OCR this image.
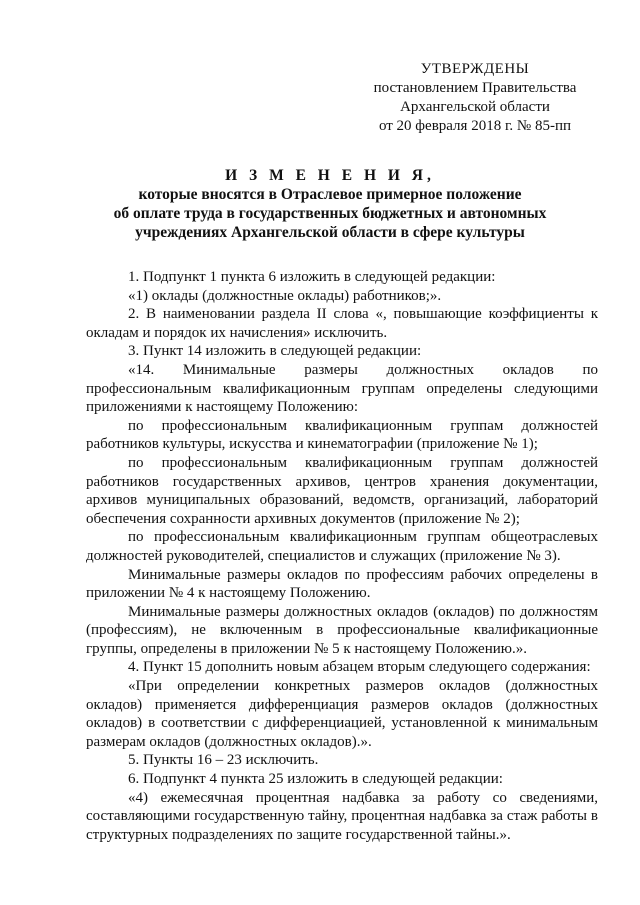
УТВЕРЖДЕНЫ
постановлением Правительства
Архангельской области
от 20 февраля 2018 г. № 85-пп
И З М Е Н Е Н И Я,
которые вносятся в Отраслевое примерное положение
об оплате труда в государственных бюджетных и автономных
учреждениях Архангельской области в сфере культуры

1. Подпункт 1 пункта 6 изложить в следующей редакции:

«1) оклады (должностные оклады) работников;».

2. В наименовании раздела II слова «, повышающие коэффициенты к окладам и порядок их начисления» исключить.

3. Пункт 14 изложить в следующей редакции:

«14. Минимальные размеры должностных окладов по профессиональным квалификационным группам определены следующими приложениями к настоящему Положению:

по профессиональным квалификационным группам должностей работников культуры, искусства и кинематографии (приложение № 1);

по профессиональным квалификационным группам должностей работников государственных архивов, центров хранения документации, архивов муниципальных образований, ведомств, организаций, лабораторий обеспечения сохранности архивных документов (приложение № 2);

по профессиональным квалификационным группам общеотраслевых должностей руководителей, специалистов и служащих (приложение № 3).

Минимальные размеры окладов по профессиям рабочих определены в приложении № 4 к настоящему Положению.

Минимальные размеры должностных окладов (окладов) по должностям (профессиям), не включенным в профессиональные квалификационные группы, определены в приложении № 5 к настоящему Положению.».

4. Пункт 15 дополнить новым абзацем вторым следующего содержания:

«При определении конкретных размеров окладов (должностных окладов) применяется дифференциация размеров окладов (должностных окладов) в соответствии с дифференциацией, установленной к минимальным размерам окладов (должностных окладов).».

5. Пункты 16 – 23 исключить.

6. Подпункт 4 пункта 25 изложить в следующей редакции:

«4) ежемесячная процентная надбавка за работу со сведениями, составляющими государственную тайну, процентная надбавка за стаж работы в структурных подразделениях по защите государственной тайны.».
